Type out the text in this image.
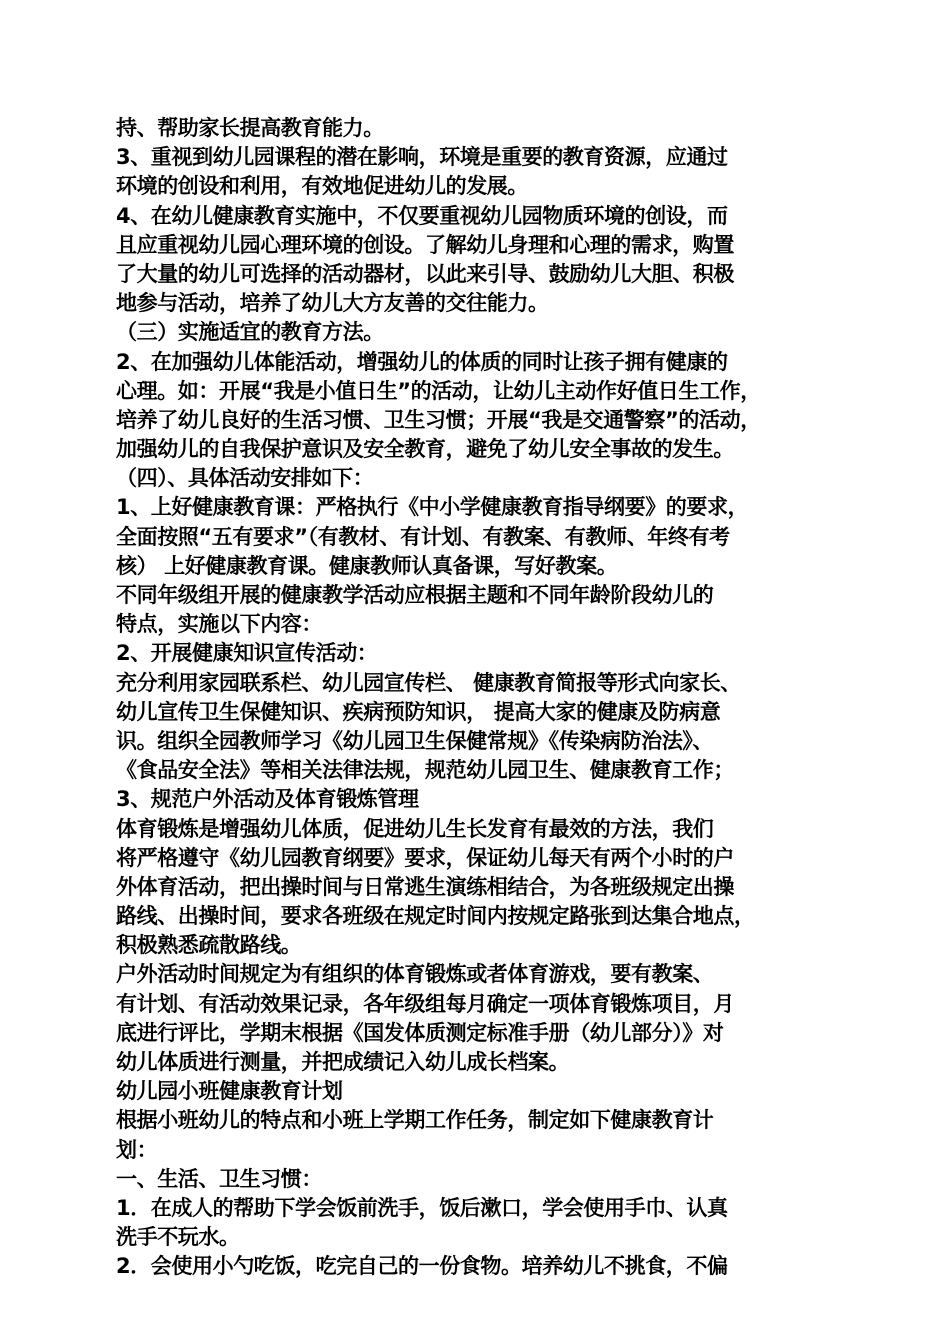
持、帮助家长提高教育能力。
3、重视到幼儿园课程的潜在影响，环境是重要的教育资源，应通过
环境的创设和利用，有效地促进幼儿的发展。
4、在幼儿健康教育实施中，不仅要重视幼儿园物质环境的创设，而
且应重视幼儿园心理环境的创设。了解幼儿身理和心理的需求，购置
了大量的幼儿可选择的活动器材，以此来引导、鼓励幼儿大胆、积极
地参与活动，培养了幼儿大方友善的交往能力。
（三）实施适宜的教育方法。
2、在加强幼儿体能活动，增强幼儿的体质的同时让孩子拥有健康的
心理。如：开展“我是小值日生”的活动，让幼儿主动作好值日生工作，
培养了幼儿良好的生活习惯、卫生习惯；开展“我是交通警察”的活动，
加强幼儿的自我保护意识及安全教育，避免了幼儿安全事故的发生。
（四）、具体活动安排如下：
1、上好健康教育课：严格执行《中小学健康教育指导纲要》的要求，
全面按照“五有要求”（有教材、有计划、有教案、有教师、年终有考
核） 上好健康教育课。健康教师认真备课，写好教案。
不同年级组开展的健康教学活动应根据主题和不同年龄阶段幼儿的
特点，实施以下内容：
2、开展健康知识宣传活动：
充分利用家园联系栏、幼儿园宣传栏、 健康教育简报等形式向家长、
幼儿宣传卫生保健知识、疾病预防知识， 提高大家的健康及防病意
识。组织全园教师学习《幼儿园卫生保健常规》《传染病防治法》、
《食品安全法》等相关法律法规，规范幼儿园卫生、健康教育工作；
3、规范户外活动及体育锻炼管理
体育锻炼是增强幼儿体质，促进幼儿生长发育有最效的方法，我们
将严格遵守《幼儿园教育纲要》要求，保证幼儿每天有两个小时的户
外体育活动，把出操时间与日常逃生演练相结合，为各班级规定出操
路线、出操时间，要求各班级在规定时间内按规定路张到达集合地点，
积极熟悉疏散路线。
户外活动时间规定为有组织的体育锻炼或者体育游戏，要有教案、
有计划、有活动效果记录，各年级组每月确定一项体育锻炼项目，月
底进行评比，学期末根据《国发体质测定标准手册（幼儿部分）》对
幼儿体质进行测量，并把成绩记入幼儿成长档案。
幼儿园小班健康教育计划
根据小班幼儿的特点和小班上学期工作任务，制定如下健康教育计
划：
一、生活、卫生习惯：
1．在成人的帮助下学会饭前洗手，饭后漱口，学会使用手巾、认真
洗手不玩水。
2．会使用小勺吃饭，吃完自己的一份食物。培养幼儿不挑食，不偏
